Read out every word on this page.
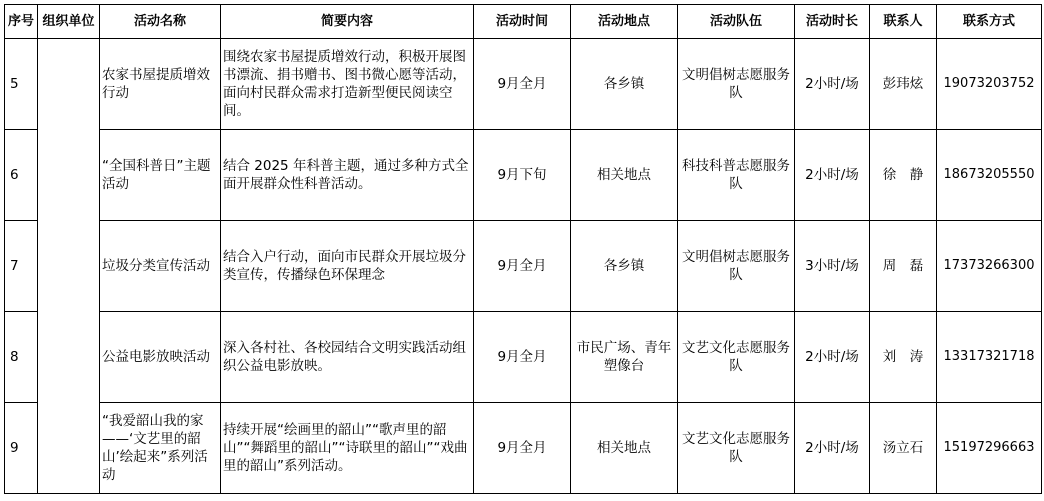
序号	组织单位	活动名称	简要内容	活动时间	活动地点	活动队伍	活动时长	联系人	联系方式
5		农家书屋提质增效行动	围绕农家书屋提质增效行动，积极开展图书漂流、捐书赠书、图书微心愿等活动，面向村民群众需求打造新型便民阅读空间。	9月全月	各乡镇	文明倡树志愿服务队	2小时/场	彭玮炫	19073203752
6		“全国科普日”主题活动	结合 2025 年科普主题，通过多种方式全面开展群众性科普活动。	9月下旬	相关地点	科技科普志愿服务队	2小时/场	徐　静	18673205550
7		垃圾分类宣传活动	结合入户行动，面向市民群众开展垃圾分类宣传，传播绿色环保理念	9月全月	各乡镇	文明倡树志愿服务队	3小时/场	周　磊	17373266300
8		公益电影放映活动	深入各村社、各校园结合文明实践活动组织公益电影放映。	9月全月	市民广场、青年塑像台	文艺文化志愿服务队	2小时/场	刘　涛	13317321718
9		“我爱韶山我的家——‘文艺里的韶山’绘起来”系列活动	持续开展“绘画里的韶山”“歌声里的韶山”“舞蹈里的韶山”“诗联里的韶山”“戏曲里的韶山”系列活动。	9月全月	相关地点	文艺文化志愿服务队	2小时/场	汤立石	15197296663
